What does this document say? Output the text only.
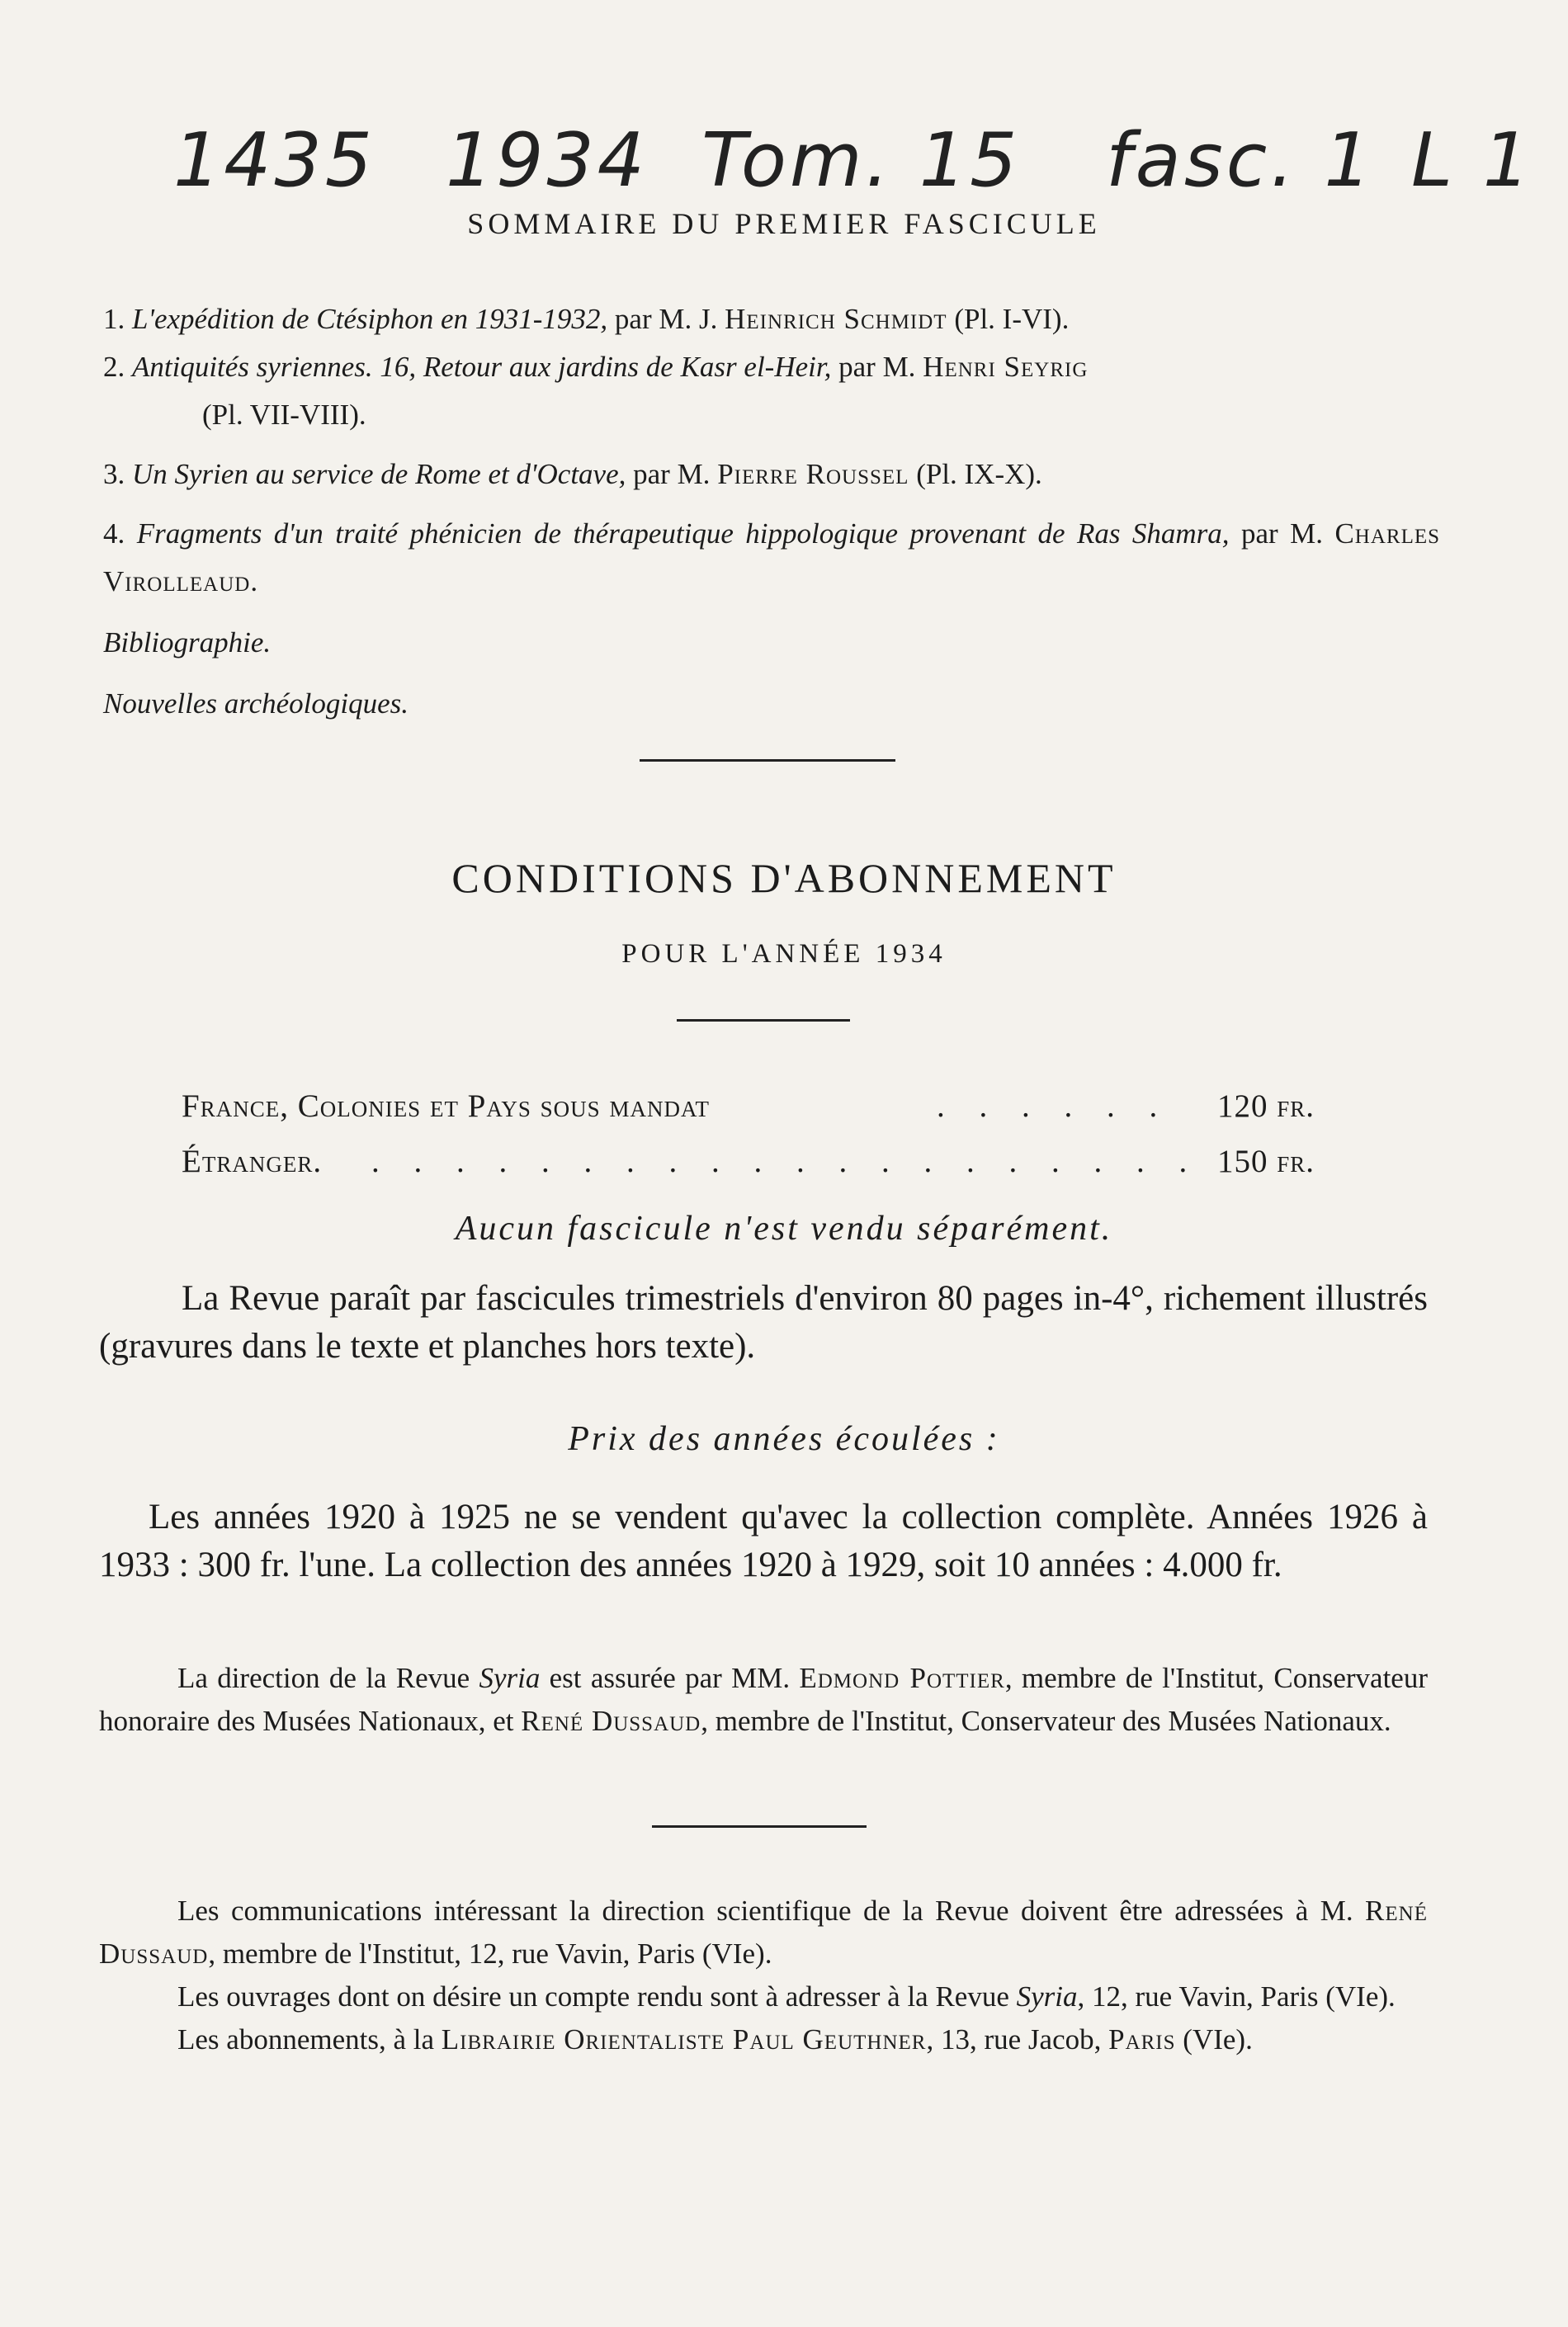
1435 1934 Tom. 15 fasc. 1 L 1
SOMMAIRE DU PREMIER FASCICULE
1. L'expédition de Ctésiphon en 1931-1932, par M. J. Heinrich Schmidt (Pl. I-VI).
2. Antiquités syriennes. 16, Retour aux jardins de Kasr el-Heir, par M. Henri Seyrig
(Pl. VII-VIII).
3. Un Syrien au service de Rome et d'Octave, par M. Pierre Roussel (Pl. IX-X).
4. Fragments d'un traité phénicien de thérapeutique hippologique provenant de Ras Shamra, par M. Charles Virolleaud.
Bibliographie.
Nouvelles archéologiques.
CONDITIONS D'ABONNEMENT
POUR L'ANNÉE 1934
France, Colonies et Pays sous mandat	. . . . . . 120 fr.
Étranger. . . . . . . . . . . . . . . . . . . . . 150 fr.
Aucun fascicule n'est vendu séparément.
La Revue paraît par fascicules trimestriels d'environ 80 pages in-4°, richement illustrés (gravures dans le texte et planches hors texte).
Prix des années écoulées :
Les années 1920 à 1925 ne se vendent qu'avec la collection complète. Années 1926 à 1933 : 300 fr. l'une. La collection des années 1920 à 1929, soit 10 années : 4.000 fr.
La direction de la Revue Syria est assurée par MM. Edmond Pottier, membre de l'Institut, Conservateur honoraire des Musées Nationaux, et René Dussaud, membre de l'Institut, Conservateur des Musées Nationaux.

Les communications intéressant la direction scientifique de la Revue doivent être adressées à M. René Dussaud, membre de l'Institut, 12, rue Vavin, Paris (VIe).

Les ouvrages dont on désire un compte rendu sont à adresser à la Revue Syria, 12, rue Vavin, Paris (VIe).

Les abonnements, à la Librairie Orientaliste Paul Geuthner, 13, rue Jacob, Paris (VIe).
